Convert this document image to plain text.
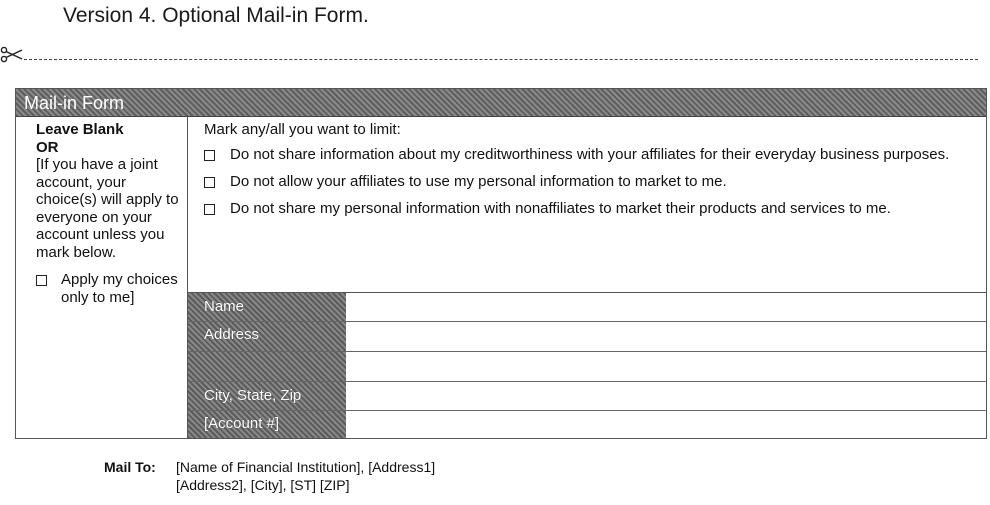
Version 4. Optional Mail-in Form.
Mail-in Form
Leave Blank
OR
[If you have a joint account, your choice(s) will apply to everyone on your account unless you mark below.
Apply my choices only to me]
Mark any/all you want to limit:
Do not share information about my creditworthiness with your affiliates for their everyday business purposes.
Do not allow your affiliates to use my personal information to market to me.
Do not share my personal information with nonaffiliates to market their products and services to me.
Name
Address
City, State, Zip
[Account #]
Mail To:	[Name of Financial Institution], [Address1]
[Address2], [City], [ST] [ZIP]
